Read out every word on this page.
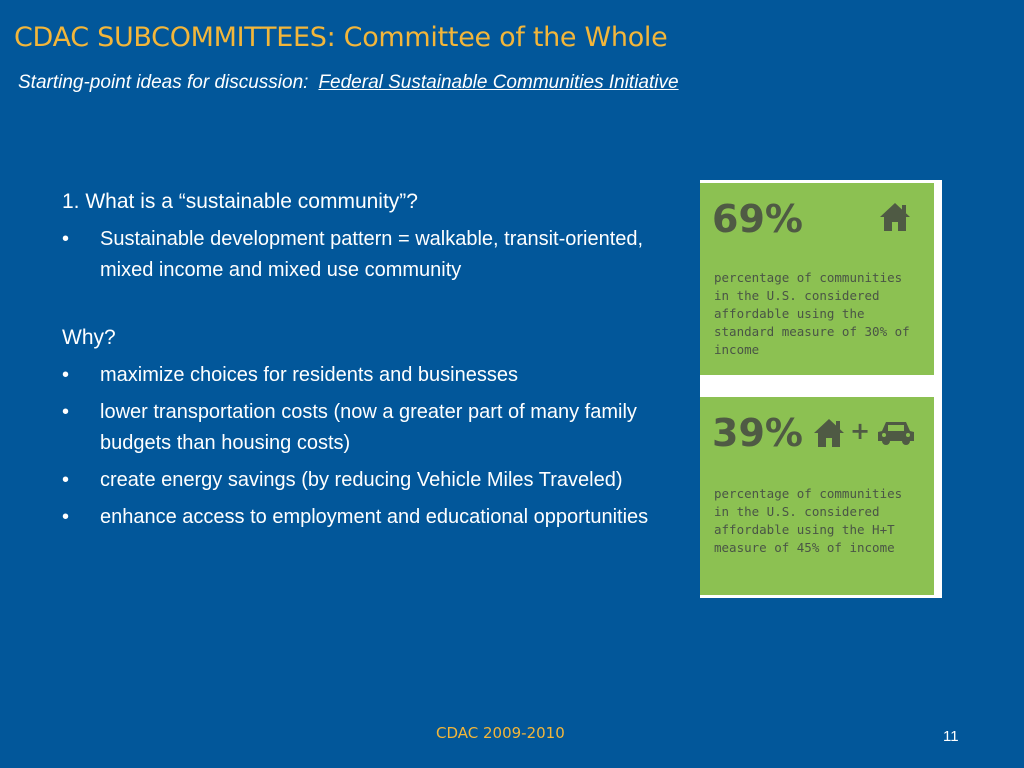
CDAC SUBCOMMITTEES: Committee of the Whole
Starting-point ideas for discussion: Federal Sustainable Communities Initiative
1. What is a “sustainable community”?
• Sustainable development pattern = walkable, transit-oriented, mixed income and mixed use community
Why?
• maximize choices for residents and businesses
• lower transportation costs (now a greater part of many family budgets than housing costs)
• create energy savings (by reducing Vehicle Miles Traveled)
• enhance access to employment and educational opportunities
69%
percentage of communities in the U.S. considered affordable using the standard measure of 30% of income
39% +
percentage of communities in the U.S. considered affordable using the H+T measure of 45% of income
CDAC 2009-2010	11
